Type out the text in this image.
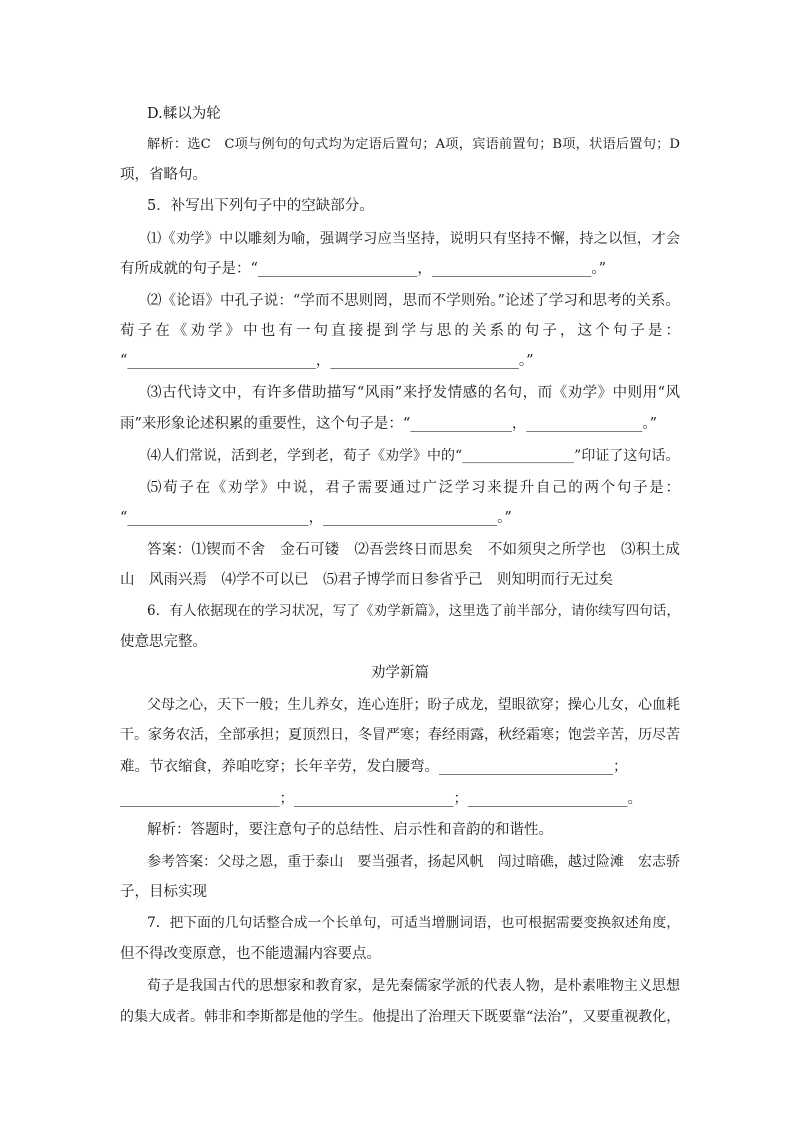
D.輮以为轮

解析：选C　C项与例句的句式均为定语后置句；A项，宾语前置句；B项，状语后置句；D

项，省略句。

5．补写出下列句子中的空缺部分。

⑴《劝学》中以雕刻为喻，强调学习应当坚持，说明只有坚持不懈，持之以恒，才会

有所成就的句子是：“______________________，______________________。”

⑵《论语》中孔子说：“学而不思则罔，思而不学则殆。”论述了学习和思考的关系。

荀子在《劝学》中也有一句直接提到学与思的关系的句子，这个句子是：

“__________________________，__________________________。”

⑶古代诗文中，有许多借助描写“风雨”来抒发情感的名句，而《劝学》中则用“风

雨”来形象论述积累的重要性，这个句子是：“______________，________________。”

⑷人们常说，活到老，学到老，荀子《劝学》中的“________________”印证了这句话。

⑸荀子在《劝学》中说，君子需要通过广泛学习来提升自己的两个句子是：

“_________________________，________________________。”

答案：⑴锲而不舍　金石可镂　⑵吾尝终日而思矣　不如须臾之所学也　⑶积土成

山　风雨兴焉　⑷学不可以已　⑸君子博学而日参省乎己　则知明而行无过矣

6．有人依据现在的学习状况，写了《劝学新篇》，这里选了前半部分，请你续写四句话，

使意思完整。

劝学新篇

父母之心，天下一般；生儿养女，连心连肝；盼子成龙，望眼欲穿；操心儿女，心血耗

干。家务农活，全部承担；夏顶烈日，冬冒严寒；春经雨露，秋经霜寒；饱尝辛苦，历尽苦

难。节衣缩食，养咱吃穿；长年辛劳，发白腰弯。________________________；

______________________；______________________；______________________。

解析：答题时，要注意句子的总结性、启示性和音韵的和谐性。

参考答案：父母之恩，重于泰山　要当强者，扬起风帆　闯过暗礁，越过险滩　宏志骄

子，目标实现

7．把下面的几句话整合成一个长单句，可适当增删词语，也可根据需要变换叙述角度，

但不得改变原意，也不能遗漏内容要点。

荀子是我国古代的思想家和教育家，是先秦儒家学派的代表人物，是朴素唯物主义思想

的集大成者。韩非和李斯都是他的学生。他提出了治理天下既要靠“法治”，又要重视教化，
